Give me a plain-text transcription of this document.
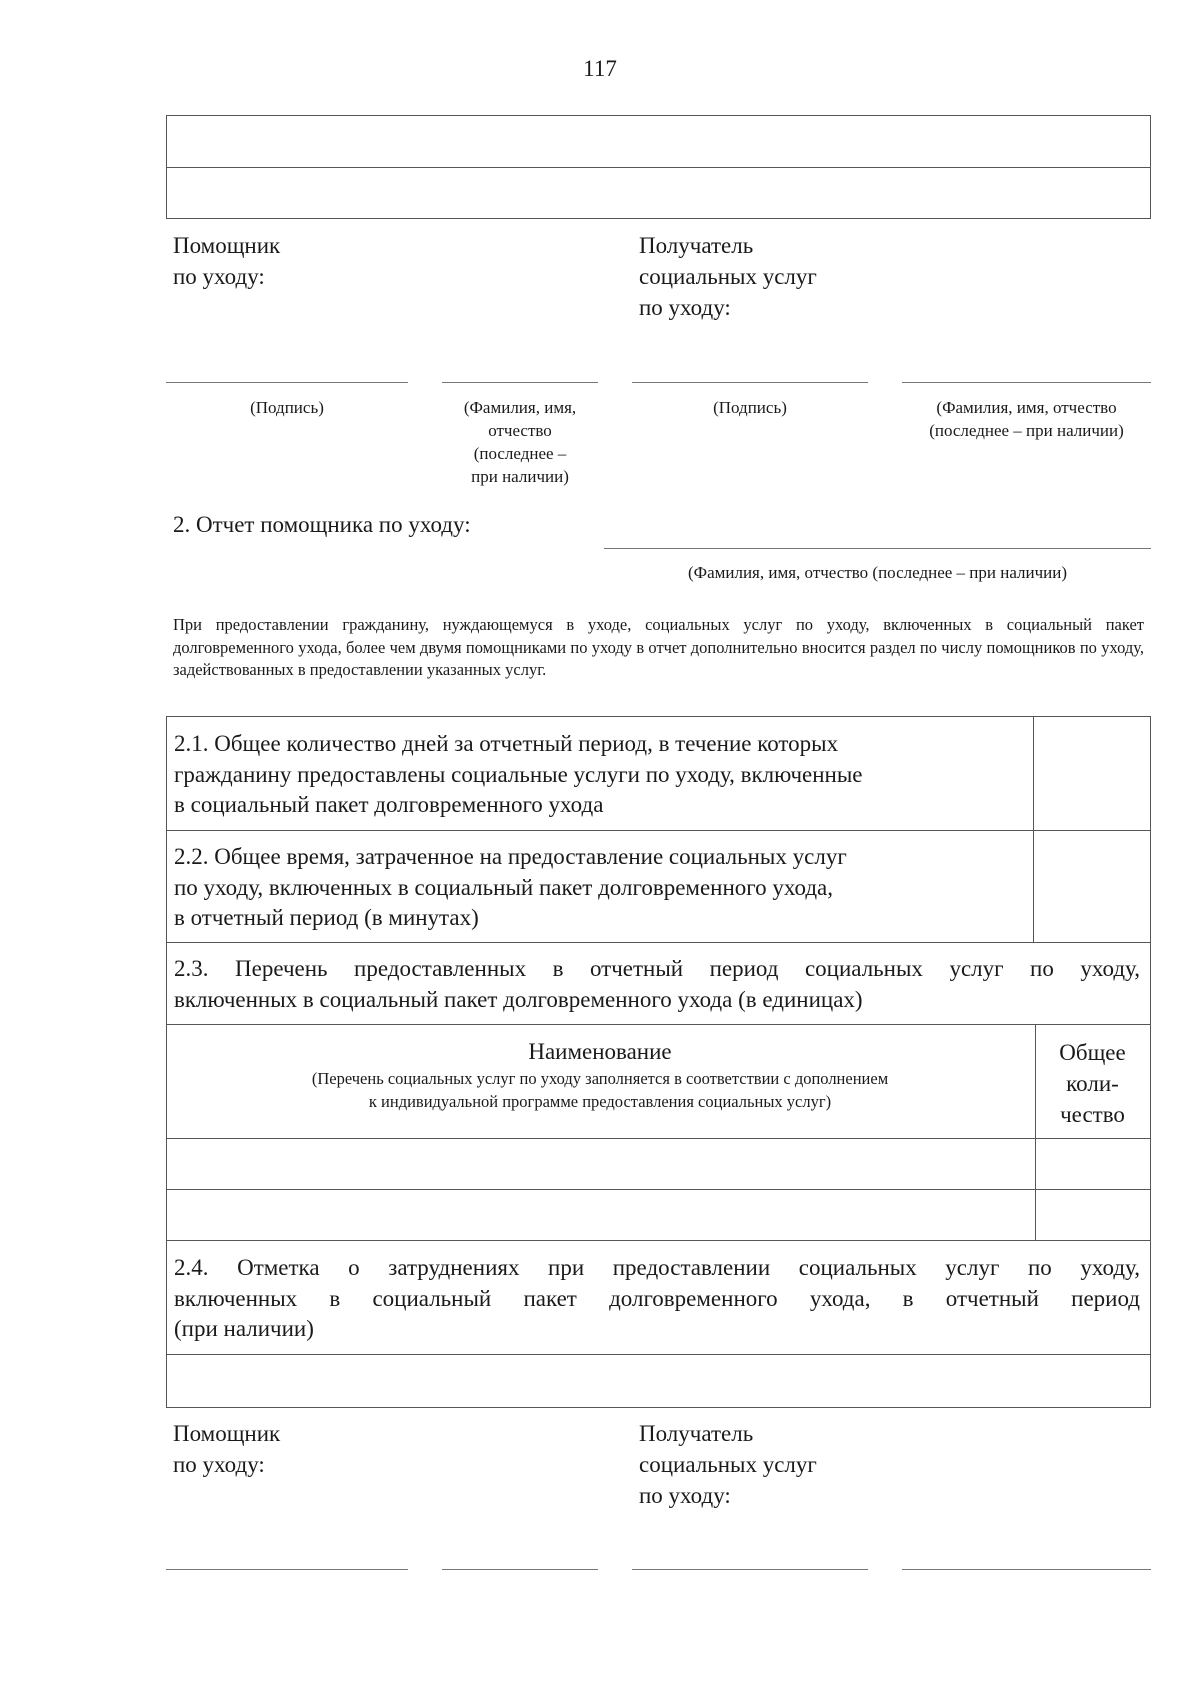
117
Помощник
по уходу:
Получатель
социальных услуг
по уходу:
(Подпись)	(Фамилия, имя,
отчество
(последнее –
при наличии)
(Подпись)	(Фамилия, имя, отчество
(последнее – при наличии)
2. Отчет помощника по уходу:
(Фамилия, имя, отчество (последнее – при наличии)
При предоставлении гражданину, нуждающемуся в уходе, социальных услуг по уходу, включенных в социальный пакет долговременного ухода, более чем двумя помощниками по уходу в отчет дополнительно вносится раздел по числу помощников по уходу, задействованных в предоставлении указанных услуг.
2.1. Общее количество дней за отчетный период, в течение которых
гражданину предоставлены социальные услуги по уходу, включенные
в социальный пакет долговременного ухода
2.2. Общее время, затраченное на предоставление социальных услуг
по уходу, включенных в социальный пакет долговременного ухода,
в отчетный период (в минутах)
2.3. Перечень предоставленных в отчетный период социальных услуг по уходу,
включенных в социальный пакет долговременного ухода (в единицах)
Наименование
(Перечень социальных услуг по уходу заполняется в соответствии с дополнением
к индивидуальной программе предоставления социальных услуг)
Общее
коли-
чество
2.4. Отметка о затруднениях при предоставлении социальных услуг по уходу,
включенных в социальный пакет долговременного ухода, в отчетный период
(при наличии)
Помощник
по уходу:
Получатель
социальных услуг
по уходу:
